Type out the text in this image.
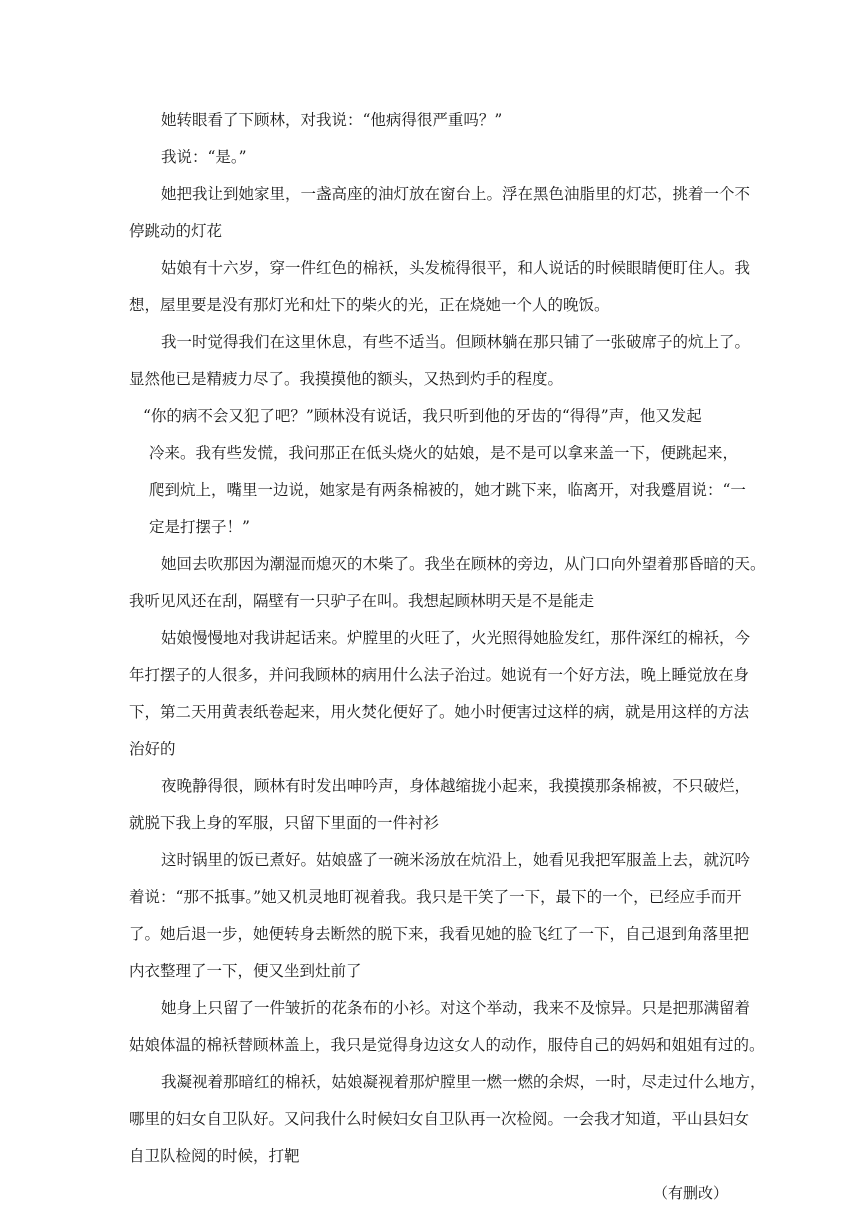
她转眼看了下顾林，对我说：“他病得很严重吗？”
我说：“是。”
她把我让到她家里，一盏高座的油灯放在窗台上。浮在黑色油脂里的灯芯，挑着一个不
停跳动的灯花
姑娘有十六岁，穿一件红色的棉袄，头发梳得很平，和人说话的时候眼睛便盯住人。我
想，屋里要是没有那灯光和灶下的柴火的光，正在烧她一个人的晚饭。
我一时觉得我们在这里休息，有些不适当。但顾林躺在那只铺了一张破席子的炕上了。
显然他已是精疲力尽了。我摸摸他的额头，又热到灼手的程度。
“你的病不会又犯了吧？”顾林没有说话，我只听到他的牙齿的“得得”声，他又发起
冷来。我有些发慌，我问那正在低头烧火的姑娘，是不是可以拿来盖一下，便跳起来，
爬到炕上，嘴里一边说，她家是有两条棉被的，她才跳下来，临离开，对我蹙眉说：“一
定是打摆子！”
她回去吹那因为潮湿而熄灭的木柴了。我坐在顾林的旁边，从门口向外望着那昏暗的天。
我听见风还在刮，隔壁有一只驴子在叫。我想起顾林明天是不是能走
姑娘慢慢地对我讲起话来。炉膛里的火旺了，火光照得她脸发红，那件深红的棉袄，今
年打摆子的人很多，并问我顾林的病用什么法子治过。她说有一个好方法，晚上睡觉放在身
下，第二天用黄表纸卷起来，用火焚化便好了。她小时便害过这样的病，就是用这样的方法
治好的
夜晚静得很，顾林有时发出呻吟声，身体越缩拢小起来，我摸摸那条棉被，不只破烂，
就脱下我上身的军服，只留下里面的一件衬衫
这时锅里的饭已煮好。姑娘盛了一碗米汤放在炕沿上，她看见我把军服盖上去，就沉吟
着说：“那不抵事。”她又机灵地盯视着我。我只是干笑了一下，最下的一个，已经应手而开
了。她后退一步，她便转身去断然的脱下来，我看见她的脸飞红了一下，自己退到角落里把
内衣整理了一下，便又坐到灶前了
她身上只留了一件皱折的花条布的小衫。对这个举动，我来不及惊异。只是把那满留着
姑娘体温的棉袄替顾林盖上，我只是觉得身边这女人的动作，服侍自己的妈妈和姐姐有过的。
我凝视着那暗红的棉袄，姑娘凝视着那炉膛里一燃一燃的余烬，一时，尽走过什么地方，
哪里的妇女自卫队好。又问我什么时候妇女自卫队再一次检阅。一会我才知道，平山县妇女
自卫队检阅的时候，打靶
（有删改）
